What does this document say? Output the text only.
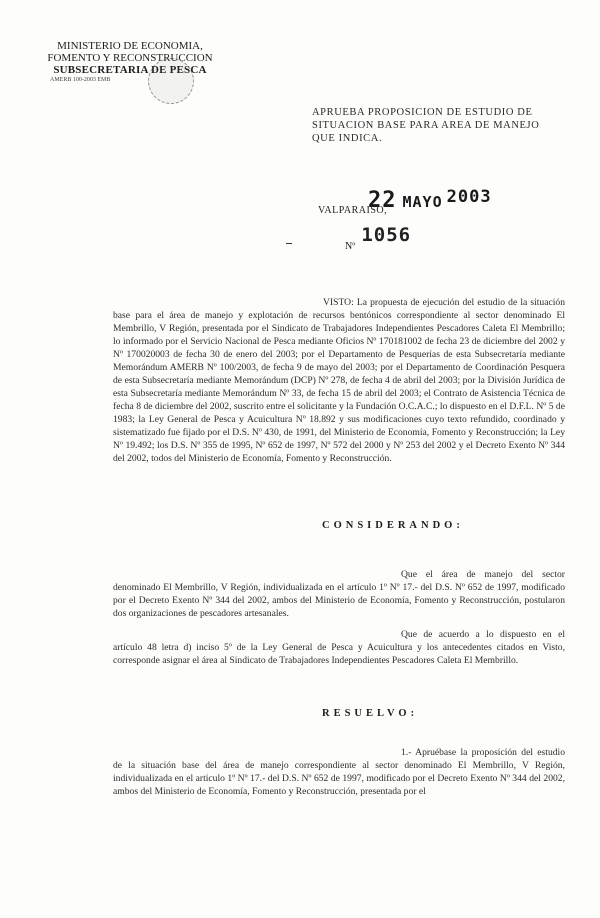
MINISTERIO DE ECONOMIA,
FOMENTO Y RECONSTRUCCION
SUBSECRETARIA DE PESCA
AMERB 100-2003 EMB
APRUEBA PROPOSICION DE ESTUDIO DE SITUACION BASE PARA AREA DE MANEJO QUE INDICA.
22 MAYO 2003
VALPARAISO,
Nº1056
VISTO: La propuesta de ejecución del estudio de la situación base para el área de manejo y explotación de recursos bentónicos correspondiente al sector denominado El Membrillo, V Región, presentada por el Sindicato de Trabajadores Independientes Pescadores Caleta El Membrillo; lo informado por el Servicio Nacional de Pesca mediante Oficios Nº 170181002 de fecha 23 de diciembre del 2002 y Nº 170020003 de fecha 30 de enero del 2003; por el Departamento de Pesquerías de esta Subsecretaría mediante Memorándum AMERB Nº 100/2003, de fecha 9 de mayo del 2003; por el Departamento de Coordinación Pesquera de esta Subsecretaría mediante Memorándum (DCP) Nº 278, de fecha 4 de abril del 2003; por la División Jurídica de esta Subsecretaría mediante Memorándum Nº 33, de fecha 15 de abril del 2003; el Contrato de Asistencia Técnica de fecha 8 de diciembre del 2002, suscrito entre el solicitante y la Fundación O.C.A.C.; lo dispuesto en el D.F.L. Nº 5 de 1983; la Ley General de Pesca y Acuicultura Nº 18.892 y sus modificaciones cuyo texto refundido, coordinado y sistematizado fue fijado por el D.S. Nº 430, de 1991, del Ministerio de Economía, Fomento y Reconstrucción; la Ley Nº 19.492; los D.S. Nº 355 de 1995, Nº 652 de 1997, Nº 572 del 2000 y Nº 253 del 2002 y el Decreto Exento Nº 344 del 2002, todos del Ministerio de Economía, Fomento y Reconstrucción.
CONSIDERANDO:
Que el área de manejo del sector denominado El Membrillo, V Región, individualizada en el artículo 1º Nº 17.- del D.S. Nº 652 de 1997, modificado por el Decreto Exento Nº 344 del 2002, ambos del Ministerio de Economía, Fomento y Reconstrucción, postularon dos organizaciones de pescadores artesanales.
Que de acuerdo a lo dispuesto en el artículo 48 letra d) inciso 5º de la Ley General de Pesca y Acuicultura y los antecedentes citados en Visto, corresponde asignar el área al Sindicato de Trabajadores Independientes Pescadores Caleta El Membrillo.
RESUELVO:
1.- Apruébase la proposición del estudio de la situación base del área de manejo correspondiente al sector denominado El Membrillo, V Región, individualizada en el artículo 1º Nº 17.- del D.S. Nº 652 de 1997, modificado por el Decreto Exento Nº 344 del 2002, ambos del Ministerio de Economía, Fomento y Reconstrucción, presentada por el
